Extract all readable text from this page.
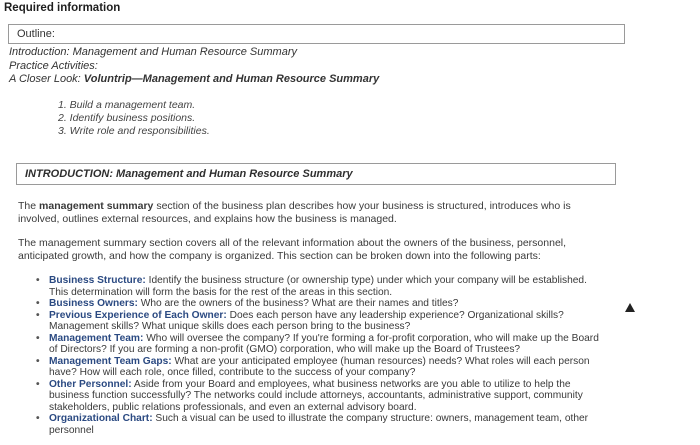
Required information
Outline:
Introduction: Management and Human Resource Summary
Practice Activities:
A Closer Look: Voluntrip—Management and Human Resource Summary
1. Build a management team.
2. Identify business positions.
3. Write role and responsibilities.
INTRODUCTION: Management and Human Resource Summary
The management summary section of the business plan describes how your business is structured, introduces who is involved, outlines external resources, and explains how the business is managed.
The management summary section covers all of the relevant information about the owners of the business, personnel, anticipated growth, and how the company is organized. This section can be broken down into the following parts:
• Business Structure: Identify the business structure (or ownership type) under which your company will be established. This determination will form the basis for the rest of the areas in this section.
• Business Owners: Who are the owners of the business? What are their names and titles?
• Previous Experience of Each Owner: Does each person have any leadership experience? Organizational skills? Management skills? What unique skills does each person bring to the business?
• Management Team: Who will oversee the company? If you're forming a for-profit corporation, who will make up the Board of Directors? If you are forming a non-profit (GMO) corporation, who will make up the Board of Trustees?
• Management Team Gaps: What are your anticipated employee (human resources) needs? What roles will each person have? How will each role, once filled, contribute to the success of your company?
• Other Personnel: Aside from your Board and employees, what business networks are you able to utilize to help the business function successfully? The networks could include attorneys, accountants, administrative support, community stakeholders, public relations professionals, and even an external advisory board.
• Organizational Chart: Such a visual can be used to illustrate the company structure: owners, management team, other personnel
